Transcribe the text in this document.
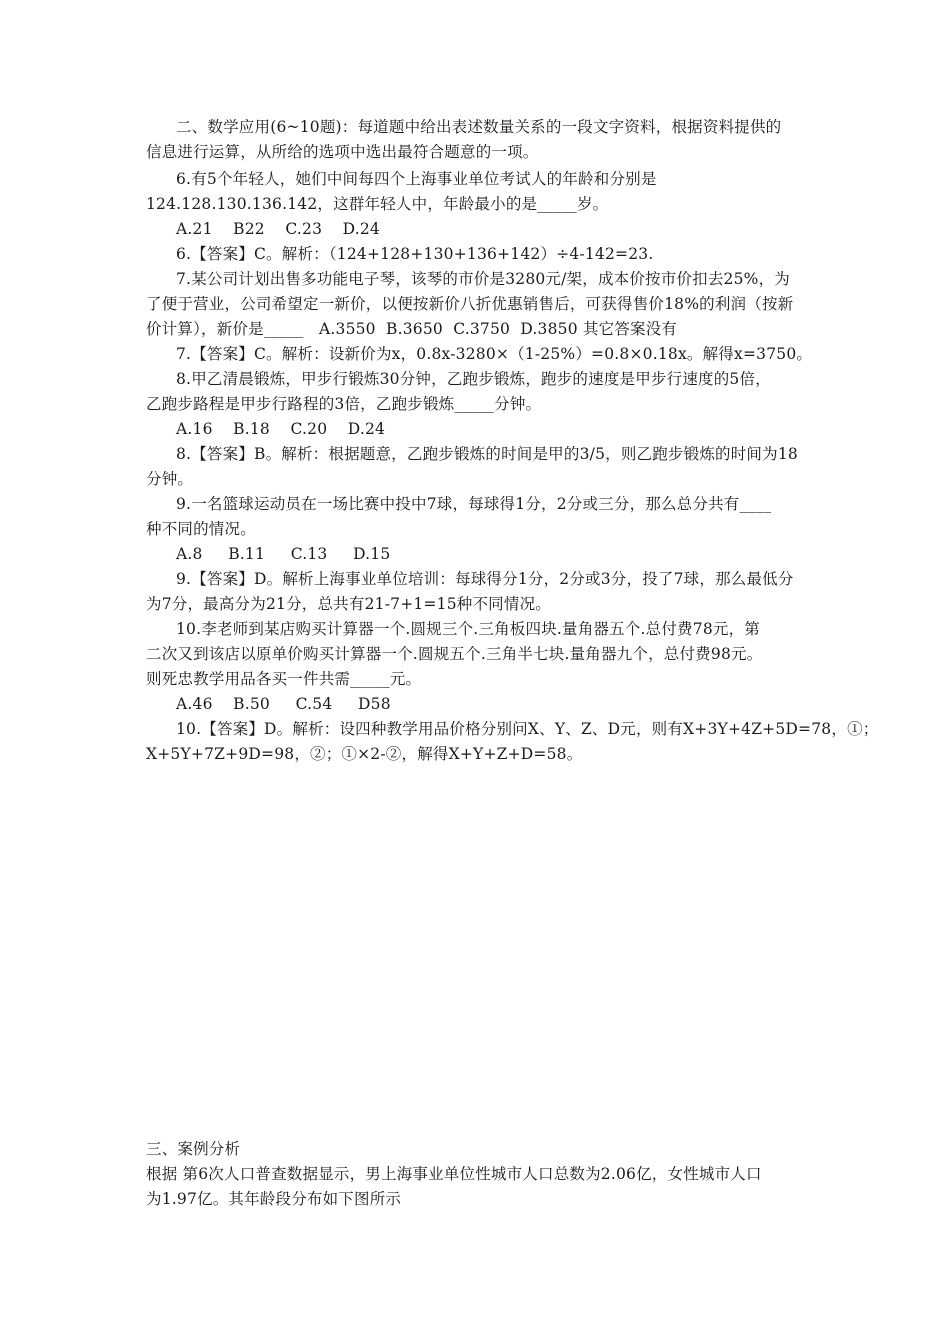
二、数学应用(6~10题)：每道题中给出表述数量关系的一段文字资料，根据资料提供的
信息进行运算，从所给的选项中选出最符合题意的一项。
6.有5个年轻人，她们中间每四个上海事业单位考试人的年龄和分别是
124.128.130.136.142，这群年轻人中，年龄最小的是_____岁。
A.21    B22    C.23    D.24
6.【答案】C。解析：（124+128+130+136+142）÷4-142=23.
7.某公司计划出售多功能电子琴，该琴的市价是3280元/架，成本价按市价扣去25%，为
了便于营业，公司希望定一新价，以便按新价八折优惠销售后，可获得售价18%的利润（按新
价计算），新价是_____   A.3550  B.3650  C.3750  D.3850 其它答案没有
7.【答案】C。解析：设新价为x，0.8x-3280×（1-25%）=0.8×0.18x。解得x=3750。
8.甲乙清晨锻炼，甲步行锻炼30分钟，乙跑步锻炼，跑步的速度是甲步行速度的5倍，
乙跑步路程是甲步行路程的3倍，乙跑步锻炼_____分钟。
A.16    B.18    C.20    D.24
8.【答案】B。解析：根据题意，乙跑步锻炼的时间是甲的3/5，则乙跑步锻炼的时间为18
分钟。
9.一名篮球运动员在一场比赛中投中7球，每球得1分，2分或三分，那么总分共有____
种不同的情况。
A.8     B.11     C.13     D.15
9.【答案】D。解析上海事业单位培训：每球得分1分，2分或3分，投了7球，那么最低分
为7分，最高分为21分，总共有21-7+1=15种不同情况。
10.李老师到某店购买计算器一个.圆规三个.三角板四块.量角器五个.总付费78元，第
二次又到该店以原单价购买计算器一个.圆规五个.三角半七块.量角器九个，总付费98元。
则死忠教学用品各买一件共需_____元。
A.46    B.50     C.54     D58
10.【答案】D。解析：设四种教学用品价格分别问X、Y、Z、D元，则有X+3Y+4Z+5D=78，①；
X+5Y+7Z+9D=98，②；①×2-②，解得X+Y+Z+D=58。
三、案例分析
根据 第6次人口普查数据显示，男上海事业单位性城市人口总数为2.06亿，女性城市人口
为1.97亿。其年龄段分布如下图所示
